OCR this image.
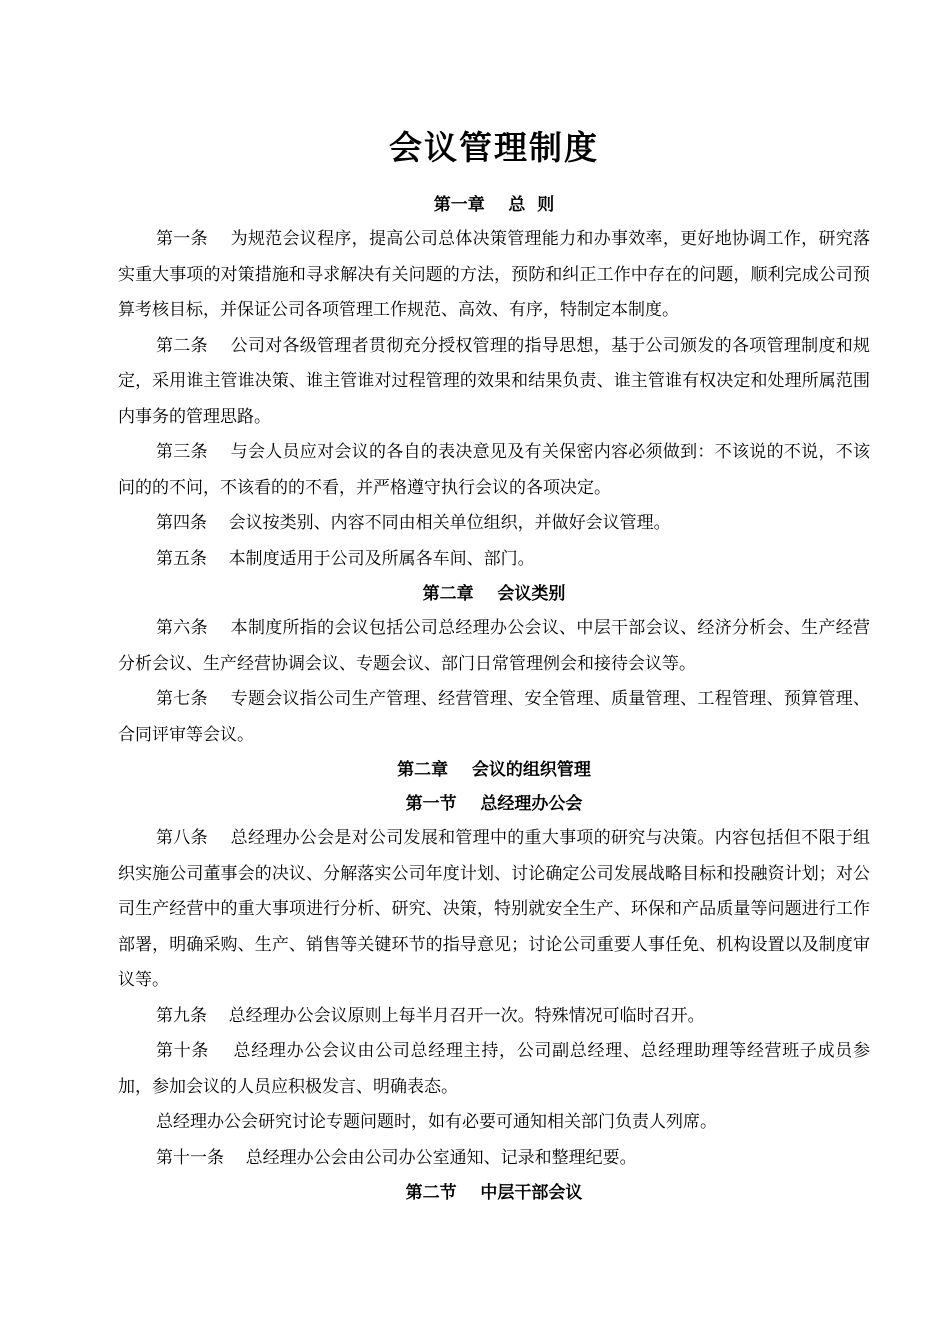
会议管理制度
第一章    总  则

第一条 为规范会议程序，提高公司总体决策管理能力和办事效率，更好地协调工作，研究落实重大事项的对策措施和寻求解决有关问题的方法，预防和纠正工作中存在的问题，顺利完成公司预算考核目标，并保证公司各项管理工作规范、高效、有序，特制定本制度。

第二条 公司对各级管理者贯彻充分授权管理的指导思想，基于公司颁发的各项管理制度和规定，采用谁主管谁决策、谁主管谁对过程管理的效果和结果负责、谁主管谁有权决定和处理所属范围内事务的管理思路。

第三条 与会人员应对会议的各自的表决意见及有关保密内容必须做到：不该说的不说，不该问的的不问，不该看的的不看，并严格遵守执行会议的各项决定。

第四条 会议按类别、内容不同由相关单位组织，并做好会议管理。

第五条 本制度适用于公司及所属各车间、部门。

第二章    会议类别

第六条 本制度所指的会议包括公司总经理办公会议、中层干部会议、经济分析会、生产经营分析会议、生产经营协调会议、专题会议、部门日常管理例会和接待会议等。

第七条 专题会议指公司生产管理、经营管理、安全管理、质量管理、工程管理、预算管理、合同评审等会议。

第二章    会议的组织管理
第一节    总经理办公会

第八条 总经理办公会是对公司发展和管理中的重大事项的研究与决策。内容包括但不限于组织实施公司董事会的决议、分解落实公司年度计划、讨论确定公司发展战略目标和投融资计划；对公司生产经营中的重大事项进行分析、研究、决策，特别就安全生产、环保和产品质量等问题进行工作部署，明确采购、生产、销售等关键环节的指导意见；讨论公司重要人事任免、机构设置以及制度审议等。

第九条 总经理办公会议原则上每半月召开一次。特殊情况可临时召开。

第十条 总经理办公会议由公司总经理主持，公司副总经理、总经理助理等经营班子成员参加，参加会议的人员应积极发言、明确表态。

总经理办公会研究讨论专题问题时，如有必要可通知相关部门负责人列席。

第十一条 总经理办公会由公司办公室通知、记录和整理纪要。

第二节    中层干部会议
